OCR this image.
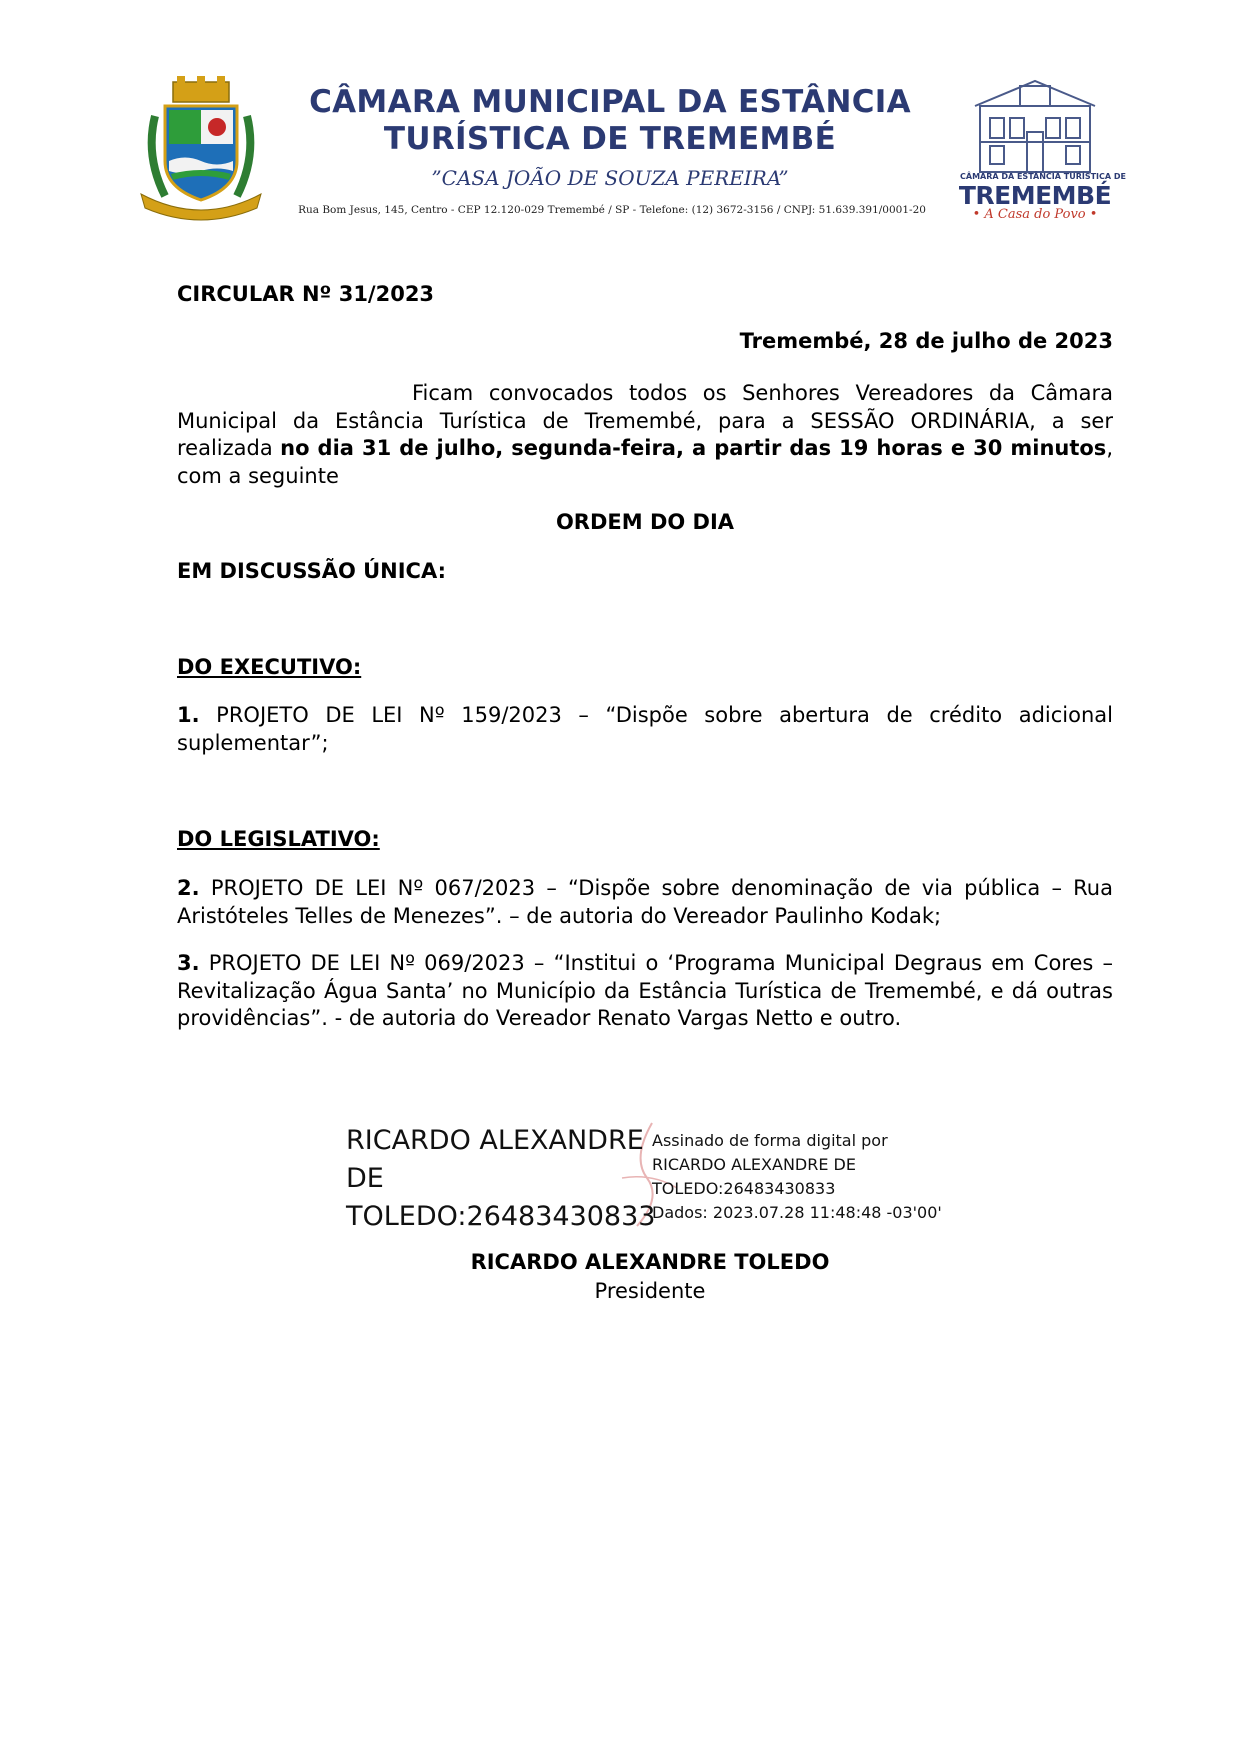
CÂMARA MUNICIPAL DA ESTÂNCIA
TURÍSTICA DE TREMEMBÉ
”CASA JOÃO DE SOUZA PEREIRA”
Rua Bom Jesus, 145, Centro - CEP 12.120-029 Tremembé / SP - Telefone: (12) 3672-3156 / CNPJ: 51.639.391/0001-20
CÂMARA DA ESTÂNCIA TURÍSTICA DE
TREMEMBÉ
• A Casa do Povo •
CIRCULAR Nº 31/2023
Tremembé, 28 de julho de 2023
Ficam convocados todos os Senhores Vereadores da Câmara Municipal da Estância Turística de Tremembé, para a SESSÃO ORDINÁRIA, a ser realizada no dia 31 de julho, segunda-feira, a partir das 19 horas e 30 minutos, com a seguinte
ORDEM DO DIA
EM DISCUSSÃO ÚNICA:
DO EXECUTIVO:
1. PROJETO DE LEI Nº 159/2023 – “Dispõe sobre abertura de crédito adicional suplementar”;
DO LEGISLATIVO:
2. PROJETO DE LEI Nº 067/2023 – “Dispõe sobre denominação de via pública – Rua Aristóteles Telles de Menezes”. – de autoria do Vereador Paulinho Kodak;
3. PROJETO DE LEI Nº 069/2023 – “Institui o ‘Programa Municipal Degraus em Cores – Revitalização Água Santa’ no Município da Estância Turística de Tremembé, e dá outras providências”. - de autoria do Vereador Renato Vargas Netto e outro.
RICARDO ALEXANDRE
DE
TOLEDO:26483430833
Assinado de forma digital por
RICARDO ALEXANDRE DE
TOLEDO:26483430833
Dados: 2023.07.28 11:48:48 -03'00'
RICARDO ALEXANDRE TOLEDO
Presidente
